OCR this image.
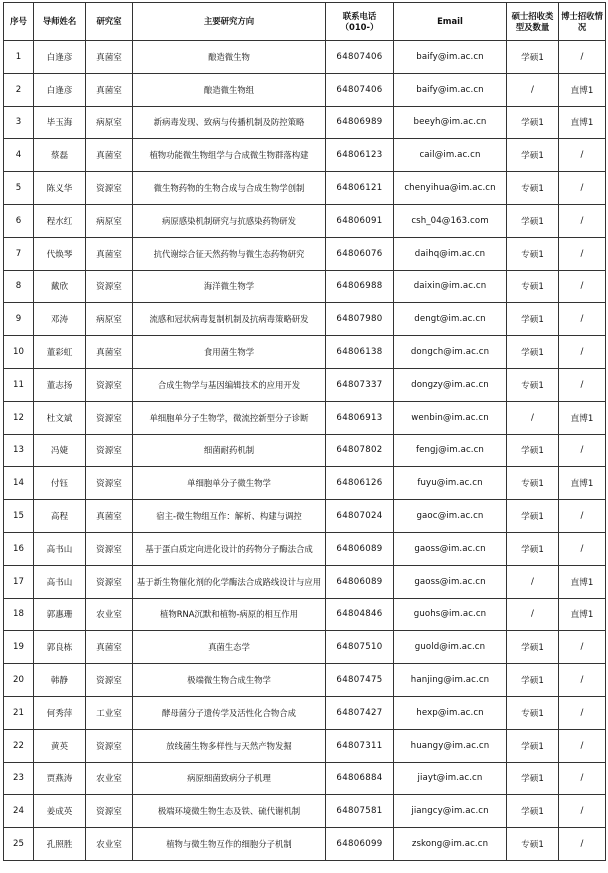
序号	导师姓名	研究室	主要研究方向	联系电话（010-）	Email	硕士招收类型及数量	博士招收情况
1	白逢彦	真菌室	酿造微生物	64807406	baify@im.ac.cn	学硕1	/
2	白逢彦	真菌室	酿造微生物组	64807406	baify@im.ac.cn	/	直博1
3	毕玉海	病原室	新病毒发现、致病与传播机制及防控策略	64806989	beeyh@im.ac.cn	学硕1	直博1
4	蔡磊	真菌室	植物功能微生物组学与合成微生物群落构建	64806123	cail@im.ac.cn	学硕1	/
5	陈义华	资源室	微生物药物的生物合成与合成生物学创制	64806121	chenyihua@im.ac.cn	专硕1	/
6	程水红	病原室	病原感染机制研究与抗感染药物研发	64806091	csh_04@163.com	学硕1	/
7	代焕琴	真菌室	抗代谢综合征天然药物与微生态药物研究	64806076	daihq@im.ac.cn	专硕1	/
8	戴欣	资源室	海洋微生物学	64806988	daixin@im.ac.cn	专硕1	/
9	邓涛	病原室	流感和冠状病毒复制机制及抗病毒策略研发	64807980	dengt@im.ac.cn	学硕1	/
10	董彩虹	真菌室	食用菌生物学	64806138	dongch@im.ac.cn	学硕1	/
11	董志扬	资源室	合成生物学与基因编辑技术的应用开发	64807337	dongzy@im.ac.cn	专硕1	/
12	杜文斌	资源室	单细胞单分子生物学，微流控新型分子诊断	64806913	wenbin@im.ac.cn	/	直博1
13	冯婕	资源室	细菌耐药机制	64807802	fengj@im.ac.cn	学硕1	/
14	付钰	资源室	单细胞单分子微生物学	64806126	fuyu@im.ac.cn	专硕1	直博1
15	高程	真菌室	宿主-微生物组互作：解析、构建与调控	64807024	gaoc@im.ac.cn	学硕1	/
16	高书山	资源室	基于蛋白质定向进化设计的药物分子酶法合成	64806089	gaoss@im.ac.cn	学硕1	/
17	高书山	资源室	基于新生物催化剂的化学酶法合成路线设计与应用	64806089	gaoss@im.ac.cn	/	直博1
18	郭惠珊	农业室	植物RNA沉默和植物-病原的相互作用	64804846	guohs@im.ac.cn	/	直博1
19	郭良栋	真菌室	真菌生态学	64807510	guold@im.ac.cn	学硕1	/
20	韩静	资源室	极端微生物合成生物学	64807475	hanjing@im.ac.cn	学硕1	/
21	何秀萍	工业室	酵母菌分子遗传学及活性化合物合成	64807427	hexp@im.ac.cn	专硕1	/
22	黄英	资源室	放线菌生物多样性与天然产物发掘	64807311	huangy@im.ac.cn	学硕1	/
23	贾燕涛	农业室	病原细菌致病分子机理	64806884	jiayt@im.ac.cn	学硕1	/
24	姜成英	资源室	极端环境微生物生态及铁、硫代谢机制	64807581	jiangcy@im.ac.cn	学硕1	/
25	孔照胜	农业室	植物与微生物互作的细胞分子机制	64806099	zskong@im.ac.cn	专硕1	/
